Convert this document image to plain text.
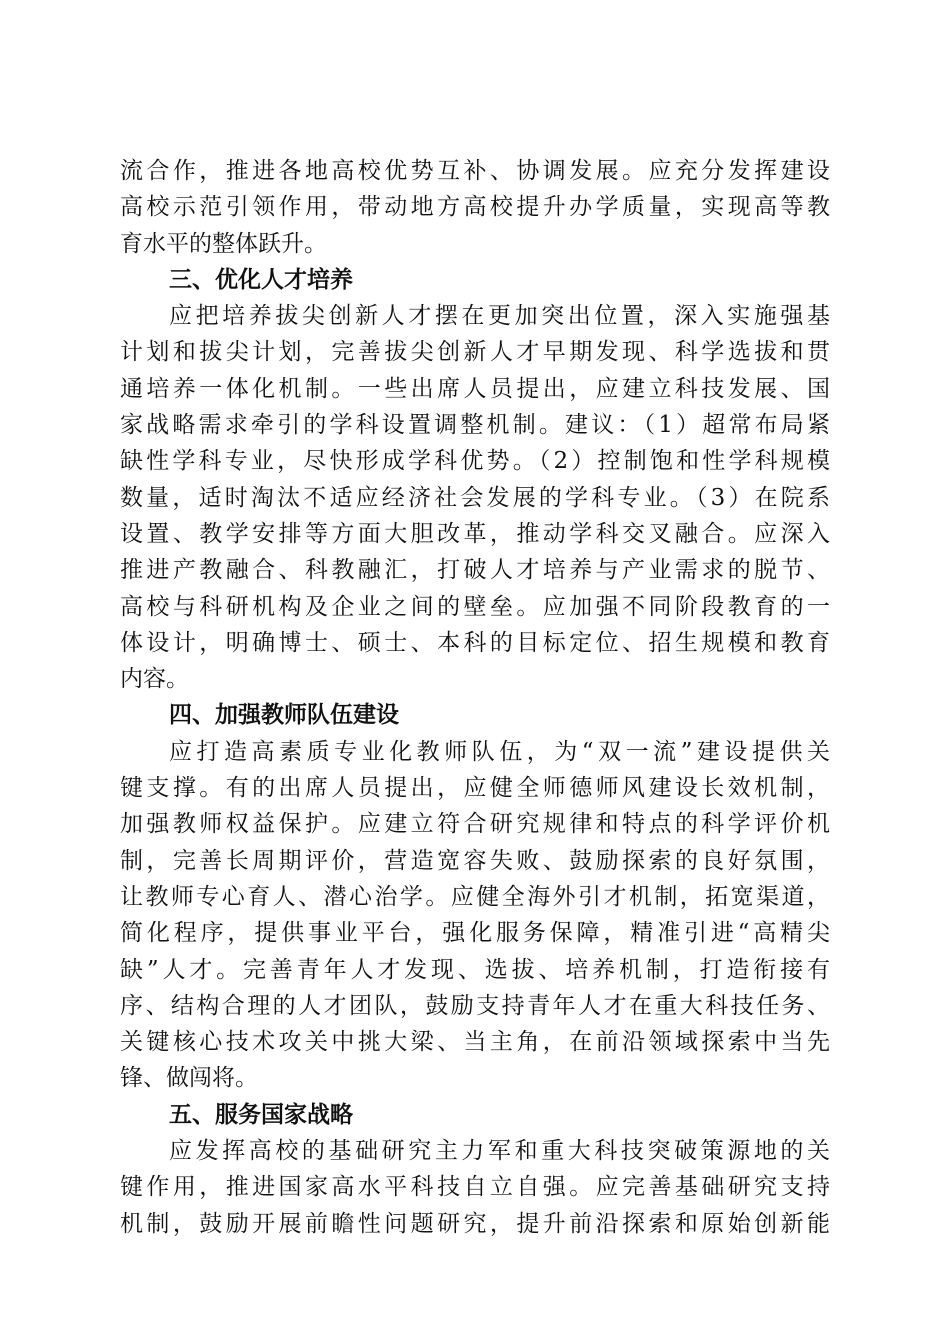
流合作，推进各地高校优势互补、协调发展。应充分发挥建设
高校示范引领作用，带动地方高校提升办学质量，实现高等教
育水平的整体跃升。
三、优化人才培养
应把培养拔尖创新人才摆在更加突出位置，深入实施强基
计划和拔尖计划，完善拔尖创新人才早期发现、科学选拔和贯
通培养一体化机制。一些出席人员提出，应建立科技发展、国
家战略需求牵引的学科设置调整机制。建议：（1）超常布局紧
缺性学科专业，尽快形成学科优势。（2）控制饱和性学科规模
数量，适时淘汰不适应经济社会发展的学科专业。（3）在院系
设置、教学安排等方面大胆改革，推动学科交叉融合。应深入
推进产教融合、科教融汇，打破人才培养与产业需求的脱节、
高校与科研机构及企业之间的壁垒。应加强不同阶段教育的一
体设计，明确博士、硕士、本科的目标定位、招生规模和教育
内容。
四、加强教师队伍建设
应打造高素质专业化教师队伍，为“双一流”建设提供关
键支撑。有的出席人员提出，应健全师德师风建设长效机制，
加强教师权益保护。应建立符合研究规律和特点的科学评价机
制，完善长周期评价，营造宽容失败、鼓励探索的良好氛围，
让教师专心育人、潜心治学。应健全海外引才机制，拓宽渠道，
简化程序，提供事业平台，强化服务保障，精准引进“高精尖
缺”人才。完善青年人才发现、选拔、培养机制，打造衔接有
序、结构合理的人才团队，鼓励支持青年人才在重大科技任务、
关键核心技术攻关中挑大梁、当主角，在前沿领域探索中当先
锋、做闯将。
五、服务国家战略
应发挥高校的基础研究主力军和重大科技突破策源地的关
键作用，推进国家高水平科技自立自强。应完善基础研究支持
机制，鼓励开展前瞻性问题研究，提升前沿探索和原始创新能
